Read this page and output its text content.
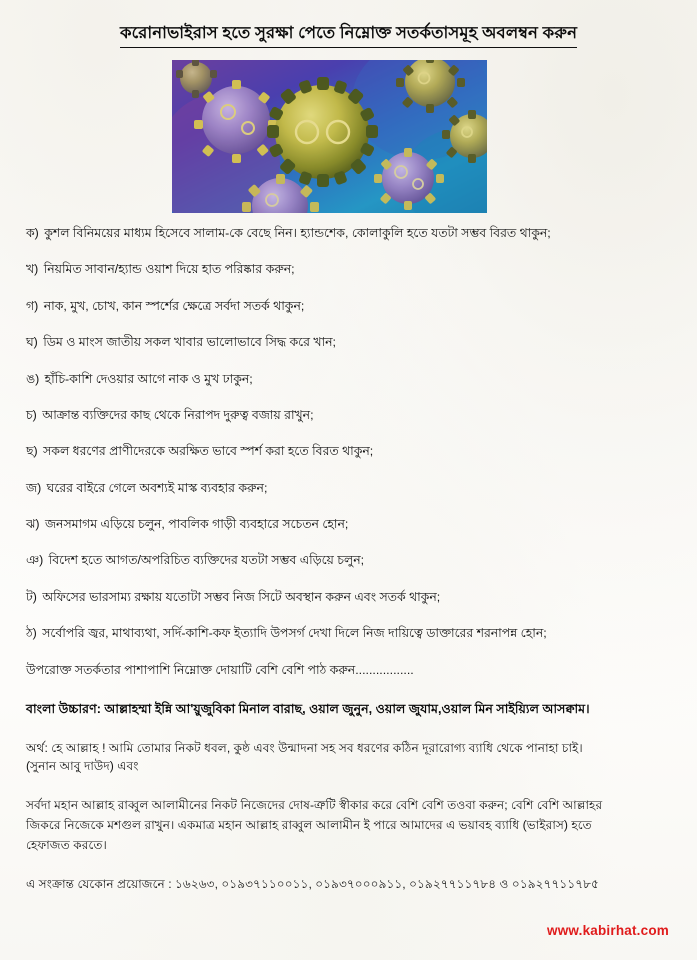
করোনাভাইরাস হতে সুরক্ষা পেতে নিম্নোক্ত সতর্কতাসমূহ অবলম্বন করুন
ক) কুশল বিনিময়ের মাধ্যম হিসেবে সালাম-কে বেছে নিন। হ্যান্ডশেক, কোলাকুলি হতে যতটা সম্ভব বিরত থাকুন;
খ) নিয়মিত সাবান/হ্যান্ড ওয়াশ দিয়ে হাত পরিষ্কার করুন;
গ) নাক, মুখ, চোখ, কান স্পর্শের ক্ষেত্রে সর্বদা সতর্ক থাকুন;
ঘ) ডিম ও মাংস জাতীয় সকল খাবার ভালোভাবে সিদ্ধ করে খান;
ঙ) হাঁচি-কাশি দেওয়ার আগে নাক ও মুখ ঢাকুন;
চ) আক্রান্ত ব্যক্তিদের কাছ থেকে নিরাপদ দুরুত্ব বজায় রাখুন;
ছ) সকল ধরণের প্রাণীদেরকে অরক্ষিত ভাবে স্পর্শ করা হতে বিরত থাকুন;
জ) ঘরের বাইরে গেলে অবশ্যই মাস্ক ব্যবহার করুন;
ঝ) জনসমাগম এড়িয়ে চলুন, পাবলিক গাড়ী ব্যবহারে সচেতন হোন;
ঞ) বিদেশ হতে আগত/অপরিচিত ব্যক্তিদের যতটা সম্ভব এড়িয়ে চলুন;
ট) অফিসের ভারসাম্য রক্ষায় যতোটা সম্ভব নিজ সিটে অবস্থান করুন এবং সতর্ক থাকুন;
ঠ) সর্বোপরি জ্বর, মাথাব্যথা, সর্দি-কাশি-কফ ইত্যাদি উপসর্গ দেখা দিলে নিজ দায়িত্বে ডাক্তারের শরনাপন্ন হোন;
উপরোক্ত সতর্কতার পাশাপাশি নিম্নোক্ত দোয়াটি বেশি বেশি পাঠ করুন.................
বাংলা উচ্চারণ: আল্লাহম্মা ইন্নি আ'য়ুজুবিকা মিনাল বারাছ, ওয়াল জুনুন, ওয়াল জুযাম,ওয়াল মিন সাইয়্যিল আসক্বাম।
অর্থ: হে আল্লাহ ! আমি তোমার নিকট ধবল, কুষ্ঠ এবং উন্মাদনা সহ সব ধরণের কঠিন দূরারোগ্য ব্যাধি থেকে পানাহা চাই।
(সুনান আবু দাউদ) এবং
সর্বদা মহান আল্লাহ রাব্বুল আলামীনের নিকট নিজেদের দোষ-ত্রুটি স্বীকার করে বেশি বেশি তওবা করুন; বেশি বেশি আল্লাহর
জিকরে নিজেকে মশগুল রাখুন। একমাত্র মহান আল্লাহ রাব্বুল আলামীন ই পারে আমাদের এ ভয়াবহ ব্যাধি (ভাইরাস) হতে
হেফাজত করতে।
এ সংক্রান্ত যেকোন প্রয়োজনে : ১৬২৬৩, ০১৯৩৭১১০০১১, ০১৯৩৭০০০৯১১, ০১৯২৭৭১১৭৮৪ ও ০১৯২৭৭১১৭৮৫
www.kabirhat.com
